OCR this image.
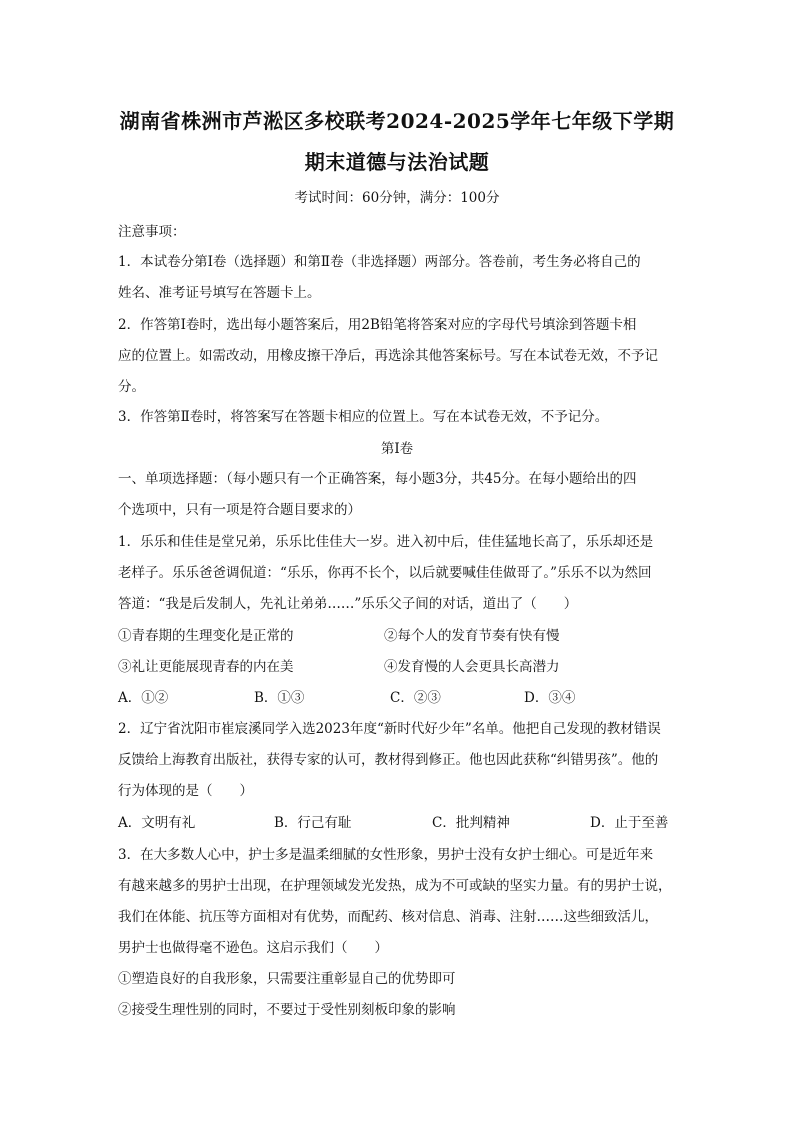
湖南省株洲市芦淞区多校联考2024-2025学年七年级下学期
期末道德与法治试题
考试时间：60分钟，满分：100分
注意事项：
1．本试卷分第Ⅰ卷（选择题）和第Ⅱ卷（非选择题）两部分。答卷前，考生务必将自己的
姓名、准考证号填写在答题卡上。
2．作答第Ⅰ卷时，选出每小题答案后，用2B铅笔将答案对应的字母代号填涂到答题卡相
应的位置上。如需改动，用橡皮擦干净后，再选涂其他答案标号。写在本试卷无效，不予记
分。
3．作答第Ⅱ卷时，将答案写在答题卡相应的位置上。写在本试卷无效，不予记分。
第Ⅰ卷
一、单项选择题：（每小题只有一个正确答案，每小题3分，共45分。在每小题给出的四
个选项中，只有一项是符合题目要求的）
1．乐乐和佳佳是堂兄弟，乐乐比佳佳大一岁。进入初中后，佳佳猛地长高了，乐乐却还是
老样子。乐乐爸爸调侃道：“乐乐，你再不长个，以后就要喊佳佳做哥了。”乐乐不以为然回
答道：“我是后发制人，先礼让弟弟……”乐乐父子间的对话，道出了（　　）
①青春期的生理变化是正常的	②每个人的发育节奏有快有慢
③礼让更能展现青春的内在美	④发育慢的人会更具长高潜力
A．①②	B．①③	C．②③	D．③④
2．辽宁省沈阳市崔宸溪同学入选2023年度“新时代好少年”名单。他把自己发现的教材错误
反馈给上海教育出版社，获得专家的认可，教材得到修正。他也因此获称“纠错男孩”。他的
行为体现的是（　　）
A．文明有礼	B．行己有耻	C．批判精神	D．止于至善
3．在大多数人心中，护士多是温柔细腻的女性形象，男护士没有女护士细心。可是近年来
有越来越多的男护士出现，在护理领域发光发热，成为不可或缺的坚实力量。有的男护士说，
我们在体能、抗压等方面相对有优势，而配药、核对信息、消毒、注射……这些细致活儿，
男护士也做得毫不逊色。这启示我们（　　）
①塑造良好的自我形象，只需要注重彰显自己的优势即可
②接受生理性别的同时，不要过于受性别刻板印象的影响
